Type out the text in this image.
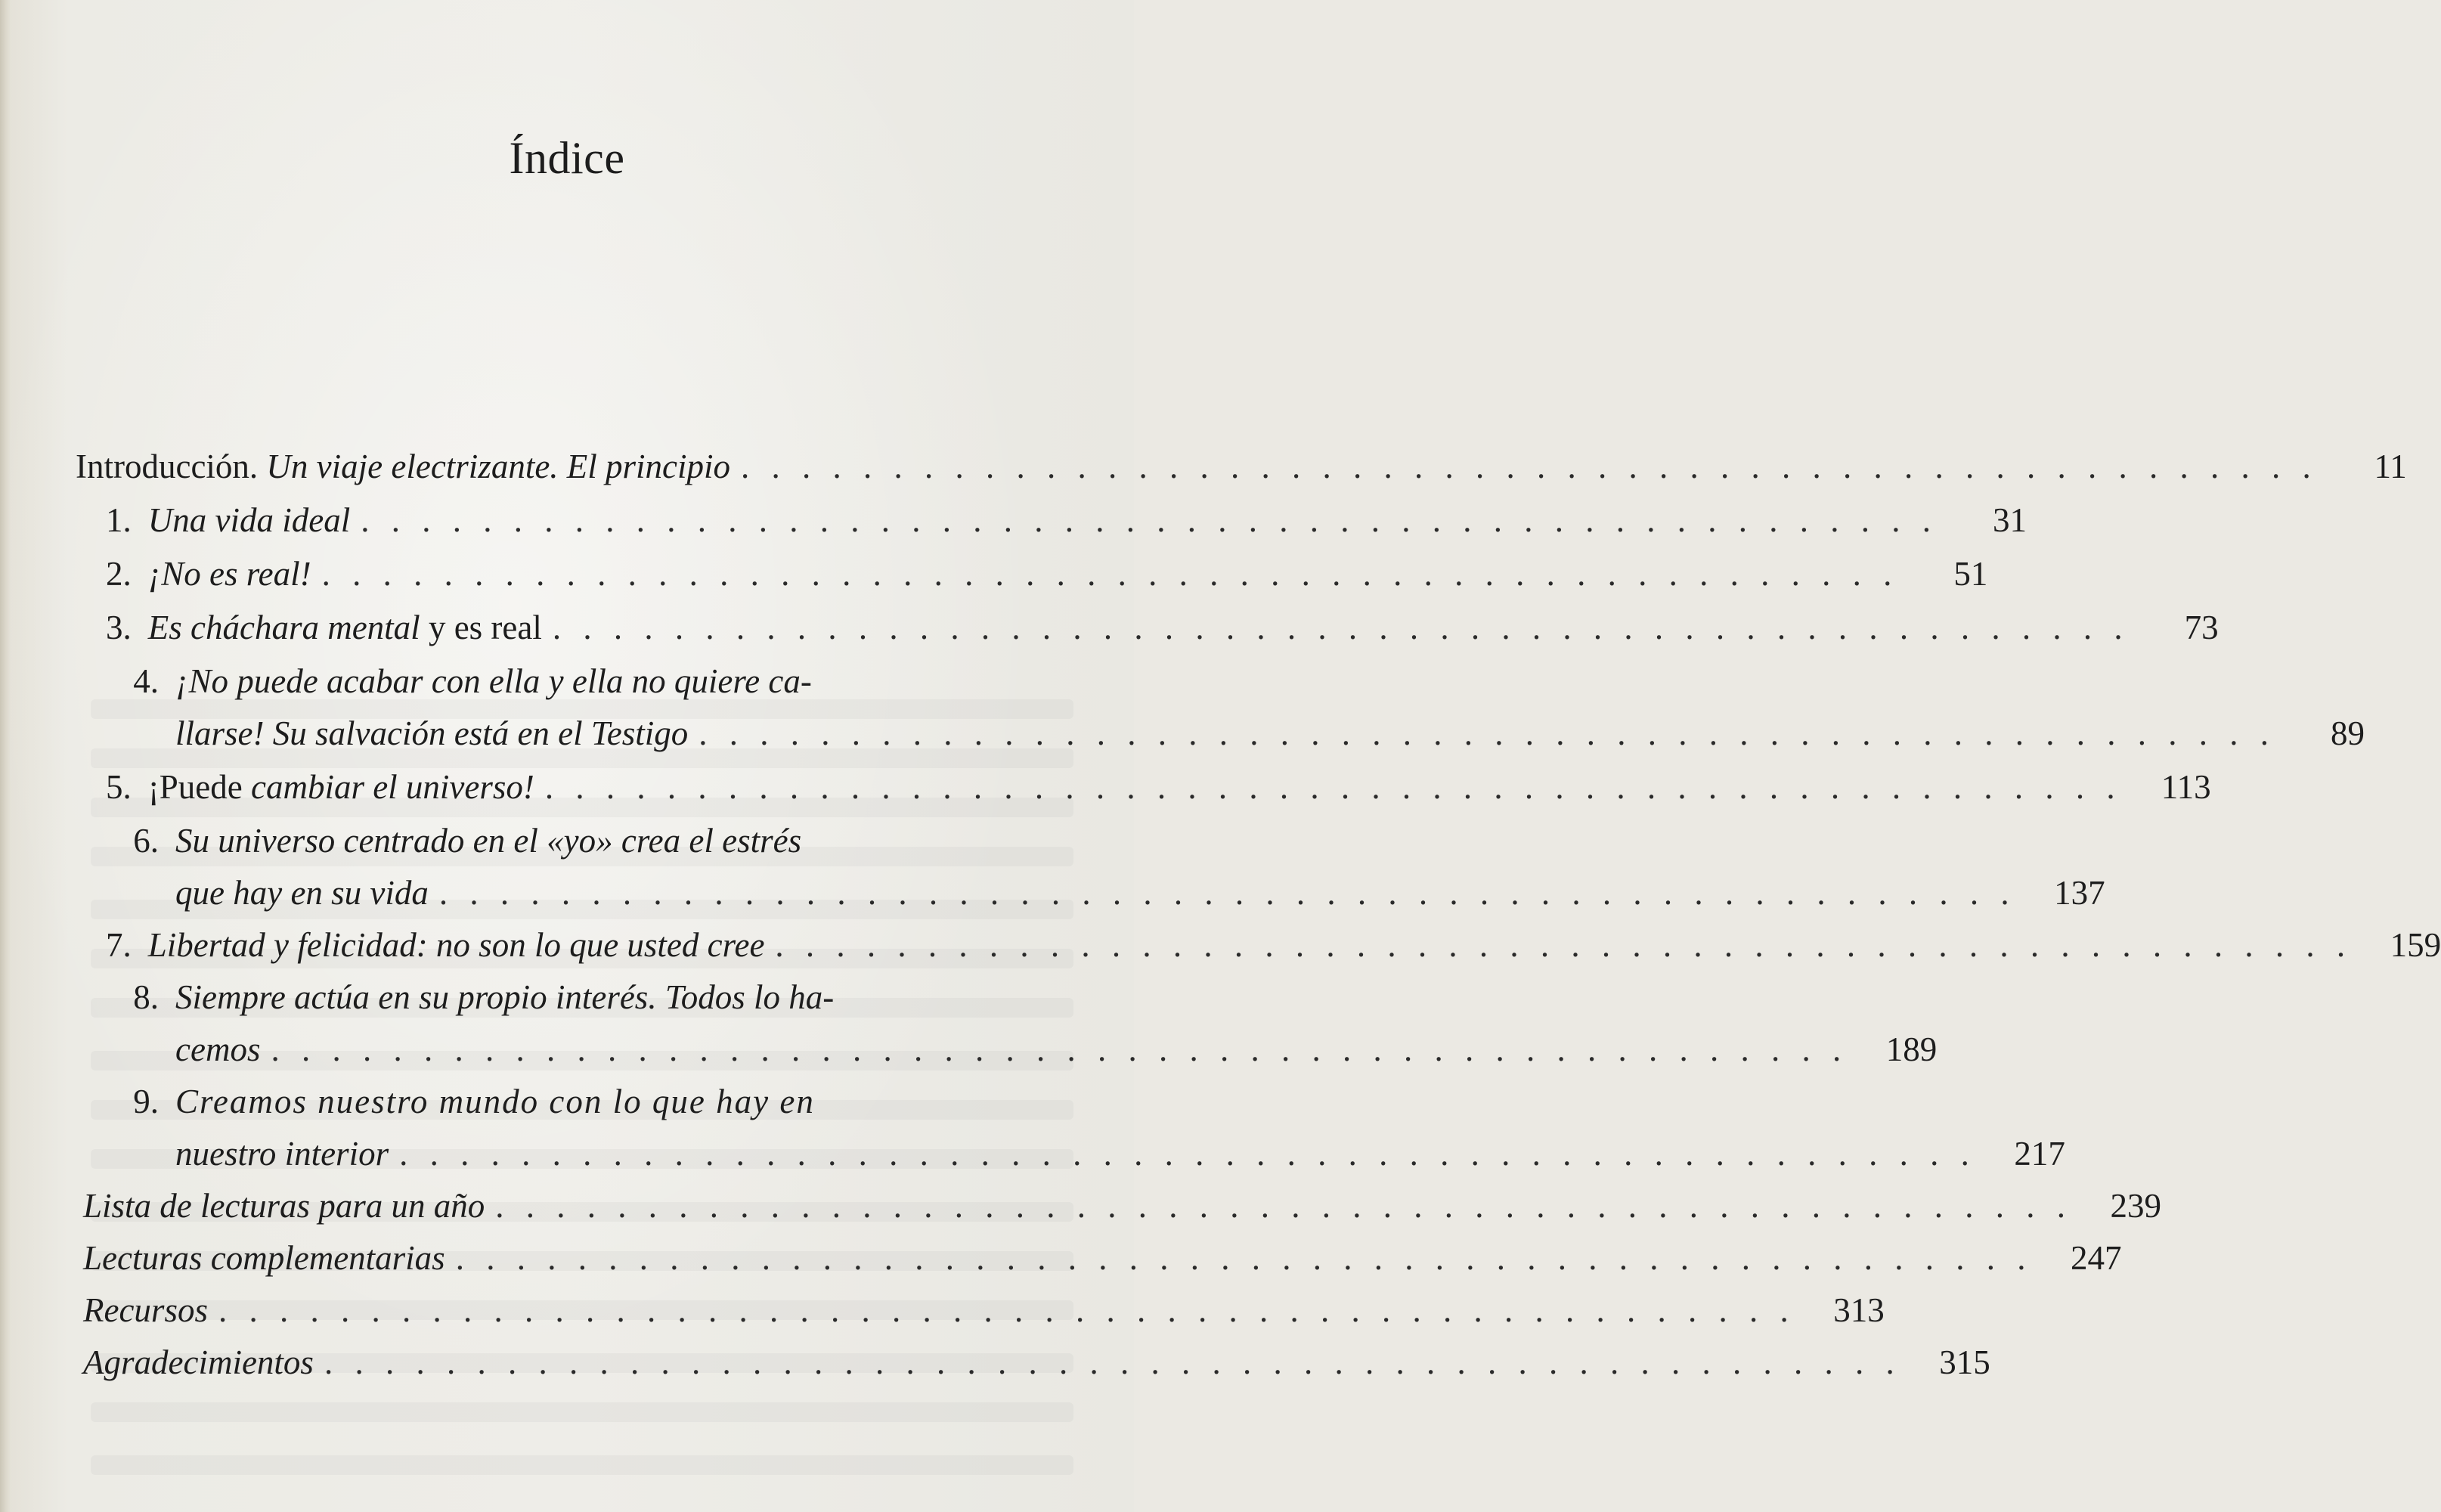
Índice
Introducción. Un viaje electrizante. El principio . . . . . . . . . . . . . . . . . . . . . . . . . . . . . . . . . . . . . . . . . . . . . . . . . . . .	11
1. Una vida ideal . . . . . . . . . . . . . . . . . . . . . . . . . . . . . . . . . . . . . . . . . . . . . . . . . . . .	31
2. ¡No es real! . . . . . . . . . . . . . . . . . . . . . . . . . . . . . . . . . . . . . . . . . . . . . . . . . . . .	51
3. Es cháchara mental y es real . . . . . . . . . . . . . . . . . . . . . . . . . . . . . . . . . . . . . . . . . . . . . . . . . . . .	73
4. ¡No puede acabar con ella y ella no quiere ca-
llarse! Su salvación está en el Testigo . . . . . . . . . . . . . . . . . . . . . . . . . . . . . . . . . . . . . . . . . . . . . . . . . . . .	89
5. ¡Puede cambiar el universo! . . . . . . . . . . . . . . . . . . . . . . . . . . . . . . . . . . . . . . . . . . . . . . . . . . . .	113
6. Su universo centrado en el «yo» crea el estrés
que hay en su vida . . . . . . . . . . . . . . . . . . . . . . . . . . . . . . . . . . . . . . . . . . . . . . . . . . . .	137
7. Libertad y felicidad: no son lo que usted cree . . . . . . . . . . . . . . . . . . . . . . . . . . . . . . . . . . . . . . . . . . . . . . . . . . . .	159
8. Siempre actúa en su propio interés. Todos lo ha-
cemos . . . . . . . . . . . . . . . . . . . . . . . . . . . . . . . . . . . . . . . . . . . . . . . . . . . .	189
9. Creamos nuestro mundo con lo que hay en
nuestro interior . . . . . . . . . . . . . . . . . . . . . . . . . . . . . . . . . . . . . . . . . . . . . . . . . . . .	217
Lista de lecturas para un año . . . . . . . . . . . . . . . . . . . . . . . . . . . . . . . . . . . . . . . . . . . . . . . . . . . .	239
Lecturas complementarias . . . . . . . . . . . . . . . . . . . . . . . . . . . . . . . . . . . . . . . . . . . . . . . . . . . .	247
Recursos . . . . . . . . . . . . . . . . . . . . . . . . . . . . . . . . . . . . . . . . . . . . . . . . . . . .	313
Agradecimientos . . . . . . . . . . . . . . . . . . . . . . . . . . . . . . . . . . . . . . . . . . . . . . . . . . . .	315
